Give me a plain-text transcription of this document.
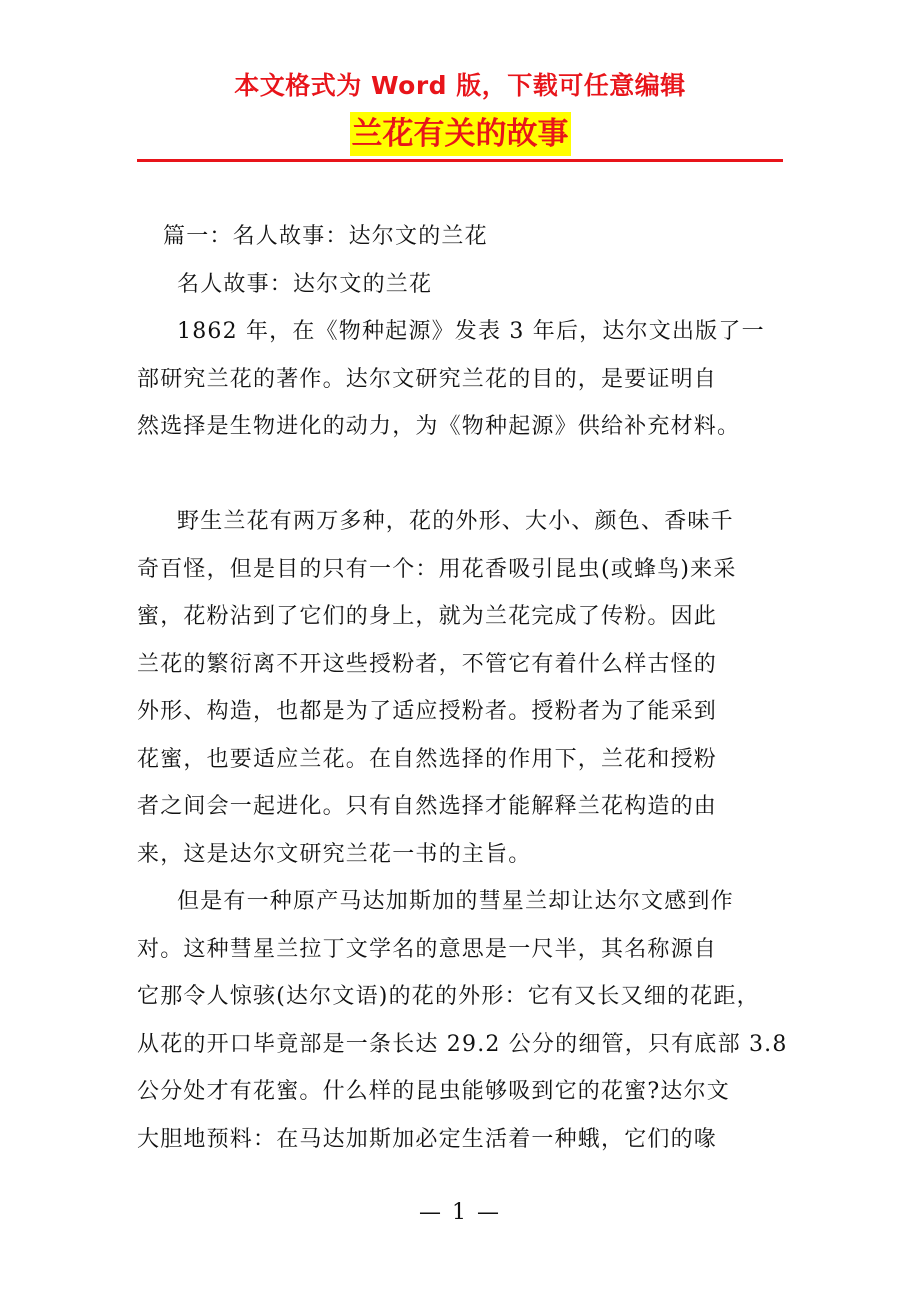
本文格式为 Word 版，下载可任意编辑
兰花有关的故事
篇一：名人故事：达尔文的兰花
名人故事：达尔文的兰花
1862 年，在《物种起源》发表 3 年后，达尔文出版了一
部研究兰花的著作。达尔文研究兰花的目的，是要证明自
然选择是生物进化的动力，为《物种起源》供给补充材料。
野生兰花有两万多种，花的外形、大小、颜色、香味千
奇百怪，但是目的只有一个：用花香吸引昆虫(或蜂鸟)来采
蜜，花粉沾到了它们的身上，就为兰花完成了传粉。因此
兰花的繁衍离不开这些授粉者，不管它有着什么样古怪的
外形、构造，也都是为了适应授粉者。授粉者为了能采到
花蜜，也要适应兰花。在自然选择的作用下，兰花和授粉
者之间会一起进化。只有自然选择才能解释兰花构造的由
来，这是达尔文研究兰花一书的主旨。
但是有一种原产马达加斯加的彗星兰却让达尔文感到作
对。这种彗星兰拉丁文学名的意思是一尺半，其名称源自
它那令人惊骇(达尔文语)的花的外形：它有又长又细的花距，
从花的开口毕竟部是一条长达 29.2 公分的细管，只有底部 3.8
公分处才有花蜜。什么样的昆虫能够吸到它的花蜜?达尔文
大胆地预料：在马达加斯加必定生活着一种蛾，它们的喙
— 1 —
